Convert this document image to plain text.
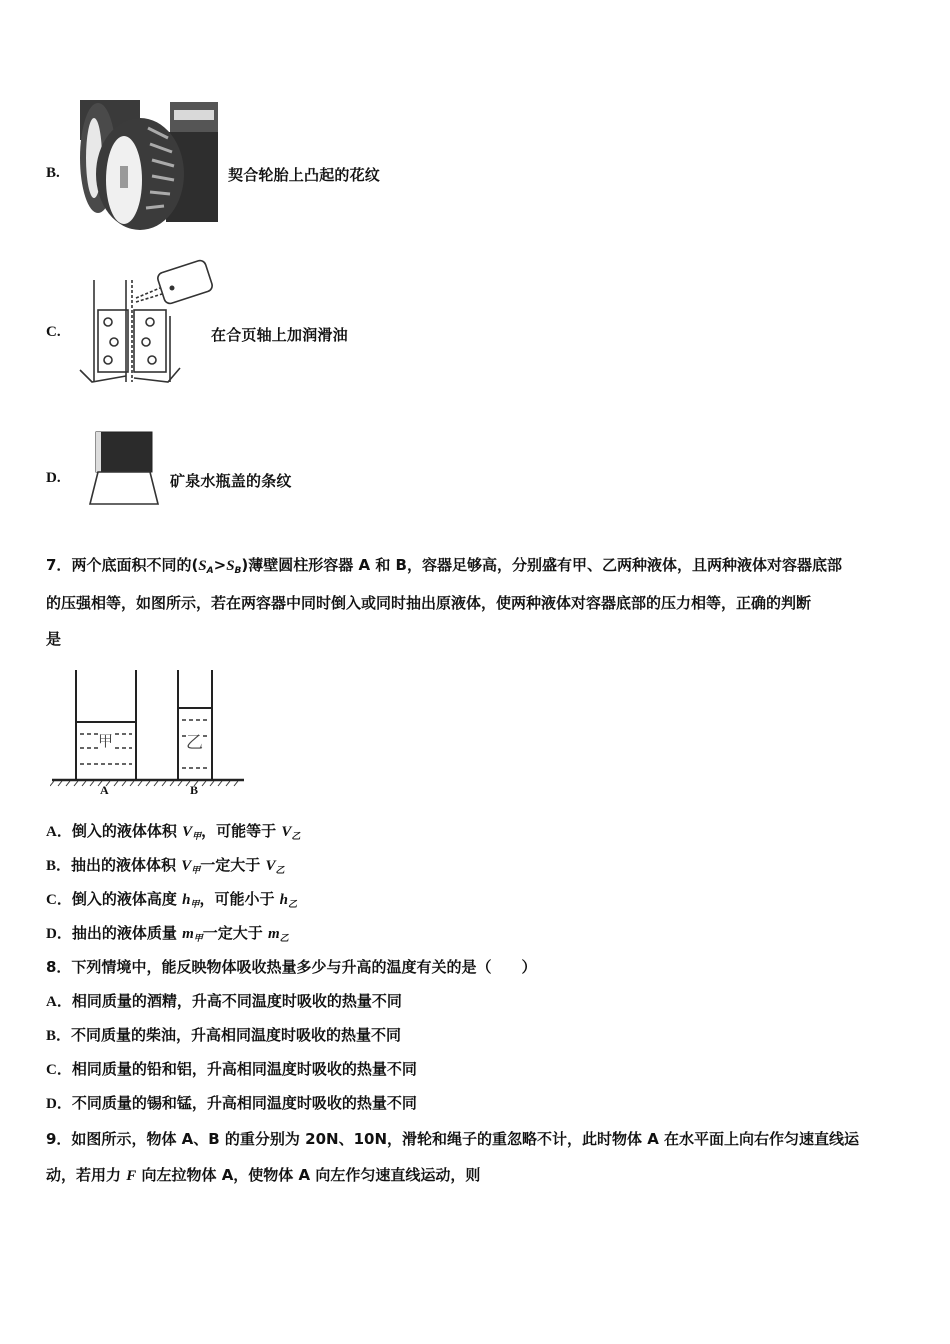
B.	契合轮胎上凸起的花纹
C.	在合页轴上加润滑油
D.	矿泉水瓶盖的条纹
7．两个底面积不同的$(S_A>S_B)$薄壁圆柱形容器 A 和 B，容器足够高，分别盛有甲、乙两种液体，且两种液体对容器底部
的压强相等，如图所示，若在两容器中同时倒入或同时抽出原液体，使两种液体对容器底部的压力相等，正确的判断
是
甲	乙
A	B
A．倒入的液体体积 $V_甲$，可能等于 $V_乙$
B．抽出的液体体积 $V_甲$一定大于 $V_乙$
C．倒入的液体高度 $h_甲$，可能小于 $h_乙$
D．抽出的液体质量 $m_甲$一定大于 $m_乙$
8．下列情境中，能反映物体吸收热量多少与升高的温度有关的是（　　）
A．相同质量的酒精，升高不同温度时吸收的热量不同
B．不同质量的柴油，升高相同温度时吸收的热量不同
C．相同质量的铅和铝，升高相同温度时吸收的热量不同
D．不同质量的锡和锰，升高相同温度时吸收的热量不同
9．如图所示，物体 A、B 的重分别为 20N、10N，滑轮和绳子的重忽略不计，此时物体 A 在水平面上向右作匀速直线运
动，若用力 F 向左拉物体 A，使物体 A 向左作匀速直线运动，则
